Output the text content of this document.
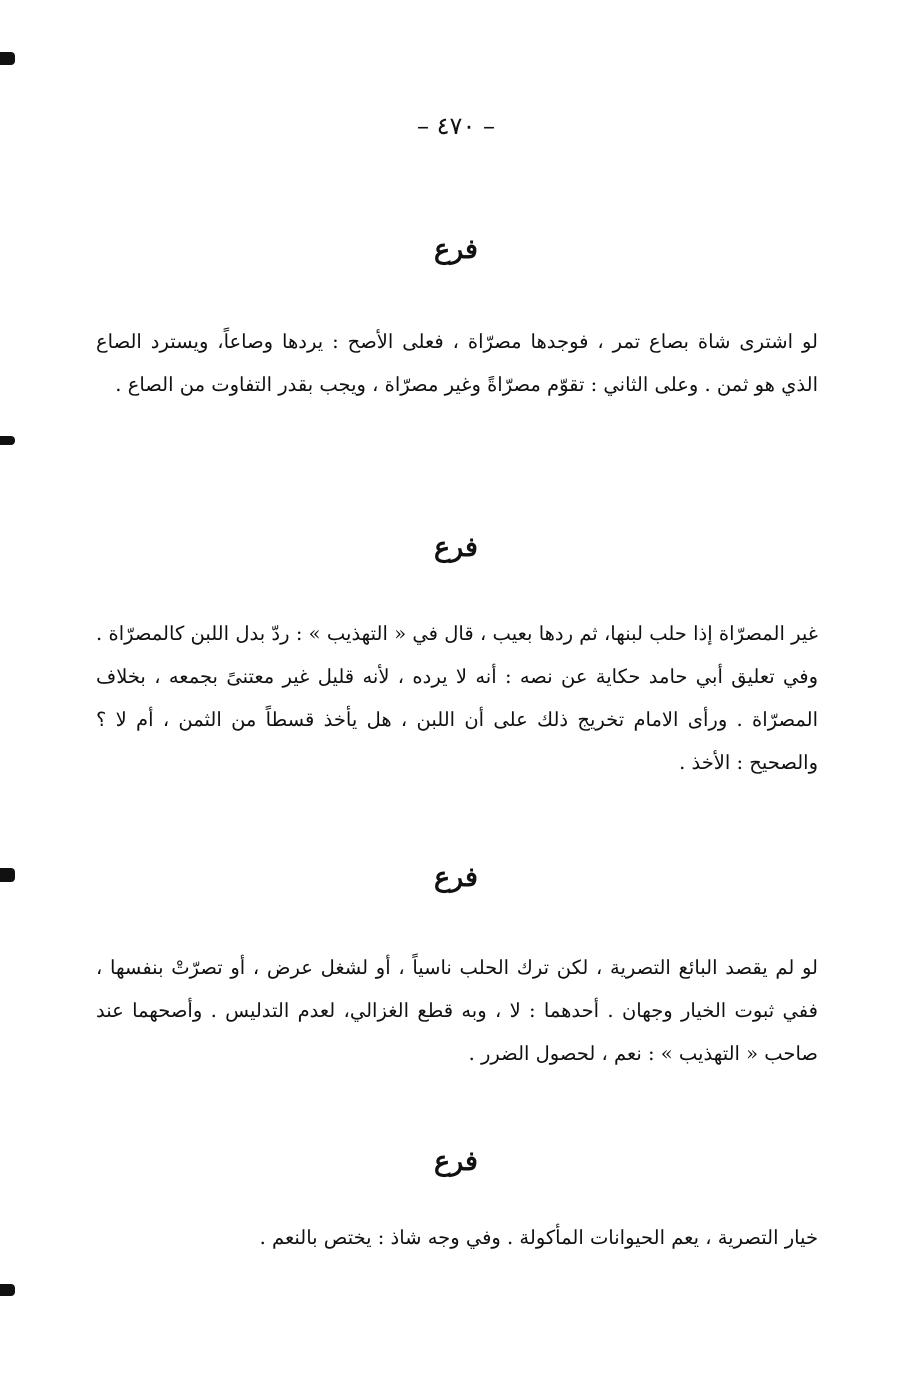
– ٤٧٠ –
فرع
لو اشترى شاة بصاع تمر ، فوجدها مصرّاة ، فعلى الأصح : يردها وصاعاً، ويسترد الصاع الذي هو ثمن . وعلى الثاني : تقوّم مصرّاةً وغير مصرّاة ، ويجب بقدر التفاوت من الصاع .
فرع
غير المصرّاة إذا حلب لبنها، ثم ردها بعيب ، قال في « التهذيب » : ردّ بدل اللبن كالمصرّاة . وفي تعليق أبي حامد حكاية عن نصه : أنه لا يرده ، لأنه قليل غير معتنىً بجمعه ، بخلاف المصرّاة . ورأى الامام تخريج ذلك على أن اللبن ، هل يأخذ قسطاً من الثمن ، أم لا ؟ والصحيح : الأخذ .
فرع
لو لم يقصد البائع التصرية ، لكن ترك الحلب ناسياً ، أو لشغل عرض ، أو تصرّتْ بنفسها ، ففي ثبوت الخيار وجهان . أحدهما : لا ، وبه قطع الغزالي، لعدم التدليس . وأصحهما عند صاحب « التهذيب » : نعم ، لحصول الضرر .
فرع
خيار التصرية ، يعم الحيوانات المأكولة . وفي وجه شاذ : يختص بالنعم .
